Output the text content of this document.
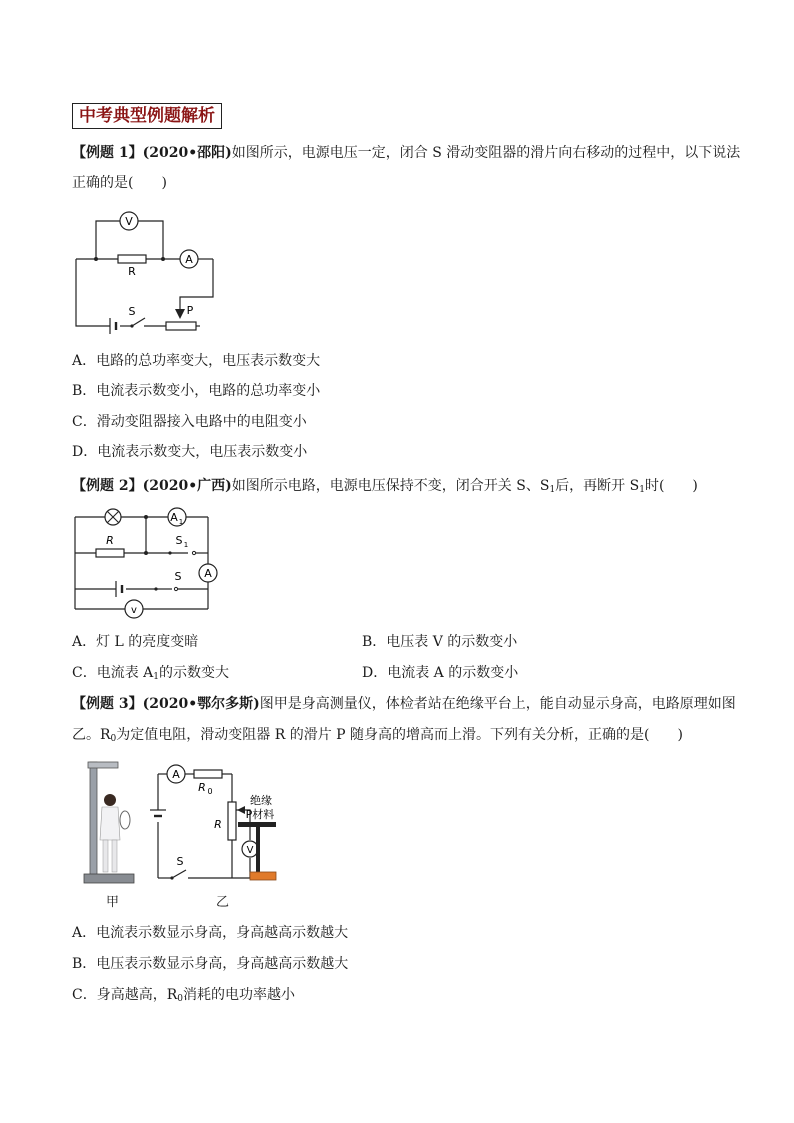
中考典型例题解析
【例题 1】(2020•邵阳)如图所示，电源电压一定，闭合 S 滑动变阻器的滑片向右移动的过程中，以下说法
正确的是(　　)
V
R
A
S	P
A．电路的总功率变大，电压表示数变大
B．电流表示数变小，电路的总功率变小
C．滑动变阻器接入电路中的电阻变小
D．电流表示数变大，电压表示数变小
【例题 2】(2020•广西)如图所示电路，电源电压保持不变，闭合开关 S、$S_1$后，再断开 $S_1$时(　　)
A 1
R	S 1
S A
v
A．灯 L 的亮度变暗	B．电压表 V 的示数变小
C．电流表 $A_1$的示数变大	D．电流表 A 的示数变小
【例题 3】(2020•鄂尔多斯)图甲是身高测量仪，体检者站在绝缘平台上，能自动显示身高，电路原理如图
乙。$R_0$为定值电阻，滑动变阻器 R 的滑片 P 随身高的增高而上滑。下列有关分析，正确的是(　　)
A
R 0
R
V
S
绝缘
P材料
甲	乙
A．电流表示数显示身高，身高越高示数越大
B．电压表示数显示身高，身高越高示数越大
C．身高越高，$R_0$消耗的电功率越小
